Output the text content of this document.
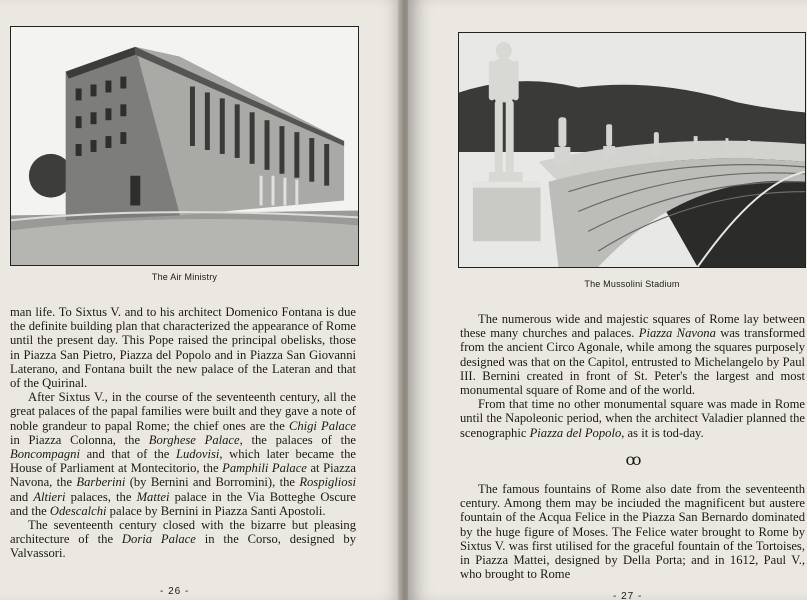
The Air Ministry

man life. To Sixtus V. and to his architect Domenico Fontana is due the definite building plan that characterized the appearance of Rome until the present day. This Pope raised the principal obelisks, those in Piazza San Pietro, Piazza del Popolo and in Piazza San Giovanni Laterano, and Fontana built the new palace of the Lateran and that of the Quirinal.

After Sixtus V., in the course of the seventeenth century, all the great palaces of the papal families were built and they gave a note of noble grandeur to papal Rome; the chief ones are the Chigi Palace in Piazza Colonna, the Borghese Palace, the palaces of the Boncompagni and that of the Ludovisi, which later became the House of Parliament at Montecitorio, the Pamphili Palace at Piazza Navona, the Barberini (by Bernini and Borromini), the Rospigliosi and Altieri palaces, the Mattei palace in the Via Botteghe Oscure and the Odescalchi palace by Bernini in Piazza Santi Apostoli.

The seventeenth century closed with the bizarre but pleasing architecture of the Doria Palace in the Corso, designed by Valvassori.

- 26 -
The Mussolini Stadium

The numerous wide and majestic squares of Rome lay between these many churches and palaces. Piazza Navona was transformed from the ancient Circo Agonale, while among the squares purposely designed was that on the Capitol, entrusted to Michelangelo by Paul III. Bernini created in front of St. Peter's the largest and most monumental square of Rome and of the world.

From that time no other monumental square was made in Rome until the Napoleonic period, when the architect Valadier planned the scenographic Piazza del Popolo, as it is tod-day.

ꝏ

The famous fountains of Rome also date from the seventeenth century. Among them may be inciuded the magnificent but austere fountain of the Acqua Felice in the Piazza San Bernardo dominated by the huge figure of Moses. The Felice water brought to Rome by Sixtus V. was first utilised for the graceful fountain of the Tortoises, in Piazza Mattei, designed by Della Porta; and in 1612, Paul V., who brought to Rome

- 27 -
